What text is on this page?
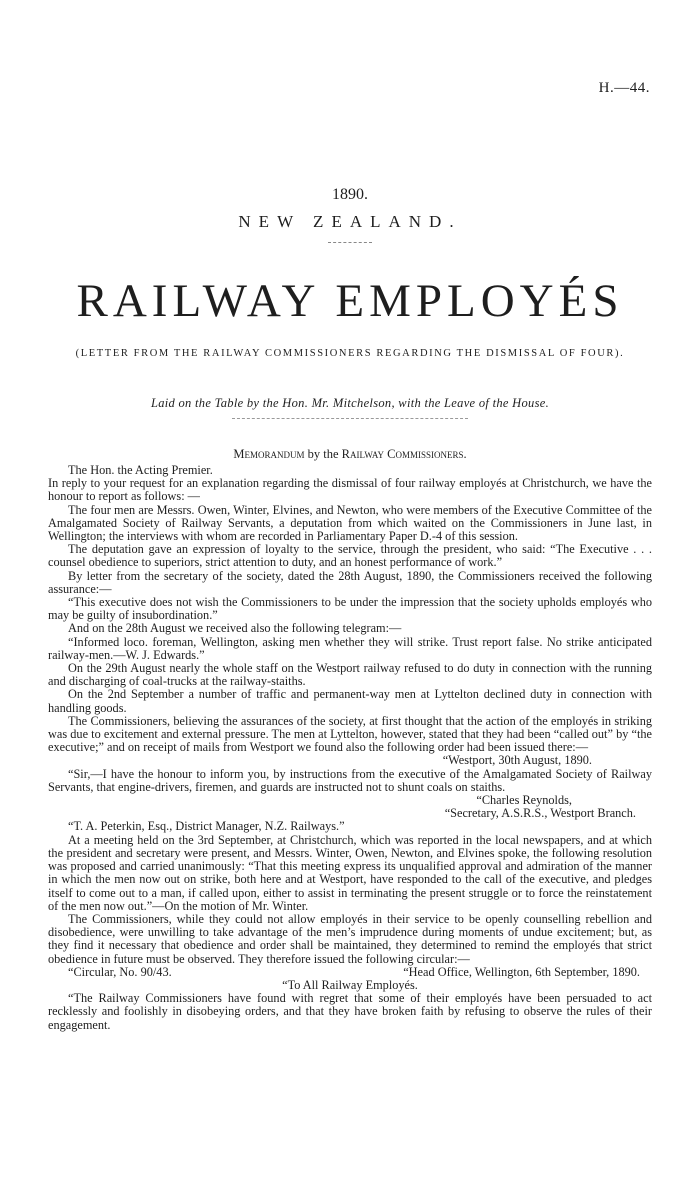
H.—44.
1890.
NEW ZEALAND.
RAILWAY EMPLOYÉS
(LETTER FROM THE RAILWAY COMMISSIONERS REGARDING THE DISMISSAL OF FOUR).
Laid on the Table by the Hon. Mr. Mitchelson, with the Leave of the House.
Memorandum by the Railway Commissioners.

The Hon. the Acting Premier.

In reply to your request for an explanation regarding the dismissal of four railway employés at Christchurch, we have the honour to report as follows: —

The four men are Messrs. Owen, Winter, Elvines, and Newton, who were members of the Executive Committee of the Amalgamated Society of Railway Servants, a deputation from which waited on the Commissioners in June last, in Wellington; the interviews with whom are recorded in Parliamentary Paper D.-4 of this session.

The deputation gave an expression of loyalty to the service, through the president, who said: “The Executive . . . counsel obedience to superiors, strict attention to duty, and an honest performance of work.”

By letter from the secretary of the society, dated the 28th August, 1890, the Commissioners received the following assurance:—

“This executive does not wish the Commissioners to be under the impression that the society upholds employés who may be guilty of insubordination.”

And on the 28th August we received also the following telegram:—

“Informed loco. foreman, Wellington, asking men whether they will strike. Trust report false. No strike anticipated railway-men.—W. J. Edwards.”

On the 29th August nearly the whole staff on the Westport railway refused to do duty in connection with the running and discharging of coal-trucks at the railway-staiths.

On the 2nd September a number of traffic and permanent-way men at Lyttelton declined duty in connection with handling goods.

The Commissioners, believing the assurances of the society, at first thought that the action of the employés in striking was due to excitement and external pressure. The men at Lyttelton, however, stated that they had been “called out” by “the executive;” and on receipt of mails from Westport we found also the following order had been issued there:—

“Westport, 30th August, 1890.

“Sir,—I have the honour to inform you, by instructions from the executive of the Amalgamated Society of Railway Servants, that engine-drivers, firemen, and guards are instructed not to shunt coals on staiths.

“Charles Reynolds,

“Secretary, A.S.R.S., Westport Branch.

“T. A. Peterkin, Esq., District Manager, N.Z. Railways.”

At a meeting held on the 3rd September, at Christchurch, which was reported in the local newspapers, and at which the president and secretary were present, and Messrs. Winter, Owen, Newton, and Elvines spoke, the following resolution was proposed and carried unanimously: “That this meeting express its unqualified approval and admiration of the manner in which the men now out on strike, both here and at Westport, have responded to the call of the executive, and pledges itself to come out to a man, if called upon, either to assist in terminating the present struggle or to force the reinstatement of the men now out.”—On the motion of Mr. Winter.

The Commissioners, while they could not allow employés in their service to be openly counselling rebellion and disobedience, were unwilling to take advantage of the men’s imprudence during moments of undue excitement; but, as they find it necessary that obedience and order shall be maintained, they determined to remind the employés that strict obedience in future must be observed. They therefore issued the following circular:—

“Circular, No. 90/43.	“Head Office, Wellington, 6th September, 1890.

“To All Railway Employés.

“The Railway Commissioners have found with regret that some of their employés have been persuaded to act recklessly and foolishly in disobeying orders, and that they have broken faith by refusing to observe the rules of their engagement.
